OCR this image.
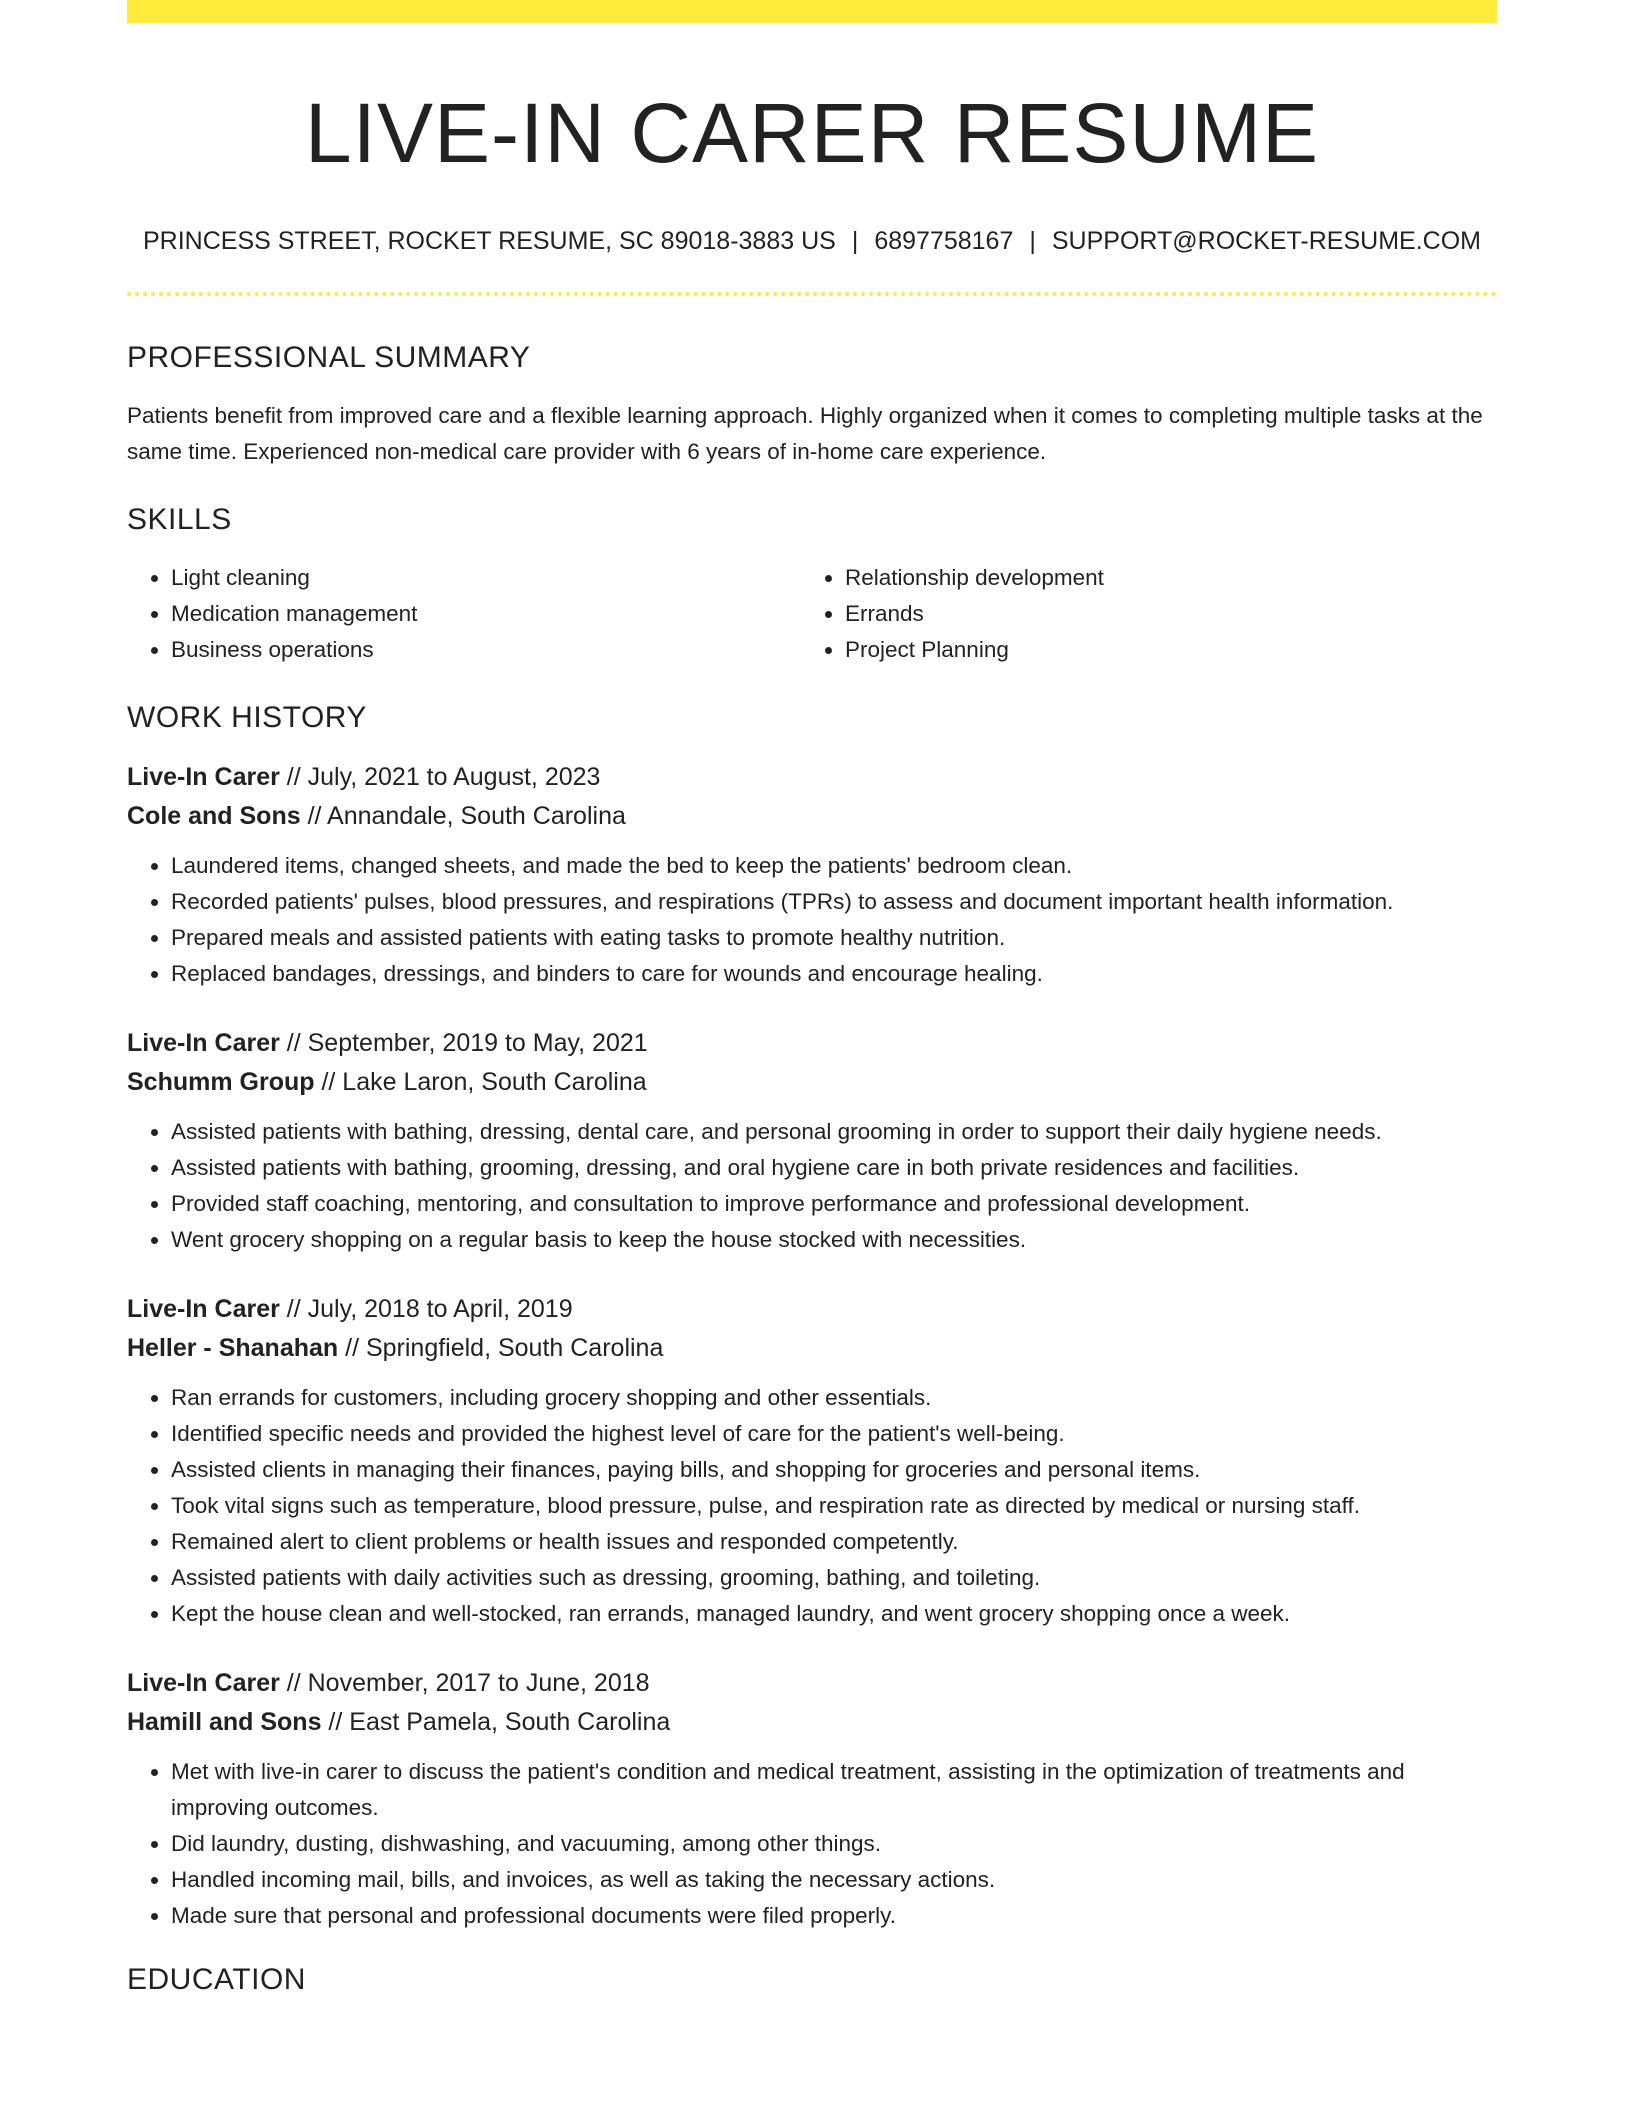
LIVE-IN CARER RESUME
PRINCESS STREET, ROCKET RESUME, SC 89018-3883 US | 6897758167 | SUPPORT@ROCKET-RESUME.COM
PROFESSIONAL SUMMARY
Patients benefit from improved care and a flexible learning approach. Highly organized when it comes to completing multiple tasks at the same time. Experienced non-medical care provider with 6 years of in-home care experience.
SKILLS
• Light cleaning
• Medication management
• Business operations
• Relationship development
• Errands
• Project Planning
WORK HISTORY
Live-In Carer // July, 2021 to August, 2023
Cole and Sons // Annandale, South Carolina
• Laundered items, changed sheets, and made the bed to keep the patients' bedroom clean.
• Recorded patients' pulses, blood pressures, and respirations (TPRs) to assess and document important health information.
• Prepared meals and assisted patients with eating tasks to promote healthy nutrition.
• Replaced bandages, dressings, and binders to care for wounds and encourage healing.
Live-In Carer // September, 2019 to May, 2021
Schumm Group // Lake Laron, South Carolina
• Assisted patients with bathing, dressing, dental care, and personal grooming in order to support their daily hygiene needs.
• Assisted patients with bathing, grooming, dressing, and oral hygiene care in both private residences and facilities.
• Provided staff coaching, mentoring, and consultation to improve performance and professional development.
• Went grocery shopping on a regular basis to keep the house stocked with necessities.
Live-In Carer // July, 2018 to April, 2019
Heller - Shanahan // Springfield, South Carolina
• Ran errands for customers, including grocery shopping and other essentials.
• Identified specific needs and provided the highest level of care for the patient's well-being.
• Assisted clients in managing their finances, paying bills, and shopping for groceries and personal items.
• Took vital signs such as temperature, blood pressure, pulse, and respiration rate as directed by medical or nursing staff.
• Remained alert to client problems or health issues and responded competently.
• Assisted patients with daily activities such as dressing, grooming, bathing, and toileting.
• Kept the house clean and well-stocked, ran errands, managed laundry, and went grocery shopping once a week.
Live-In Carer // November, 2017 to June, 2018
Hamill and Sons // East Pamela, South Carolina
• Met with live-in carer to discuss the patient's condition and medical treatment, assisting in the optimization of treatments and improving outcomes.
• Did laundry, dusting, dishwashing, and vacuuming, among other things.
• Handled incoming mail, bills, and invoices, as well as taking the necessary actions.
• Made sure that personal and professional documents were filed properly.
EDUCATION
